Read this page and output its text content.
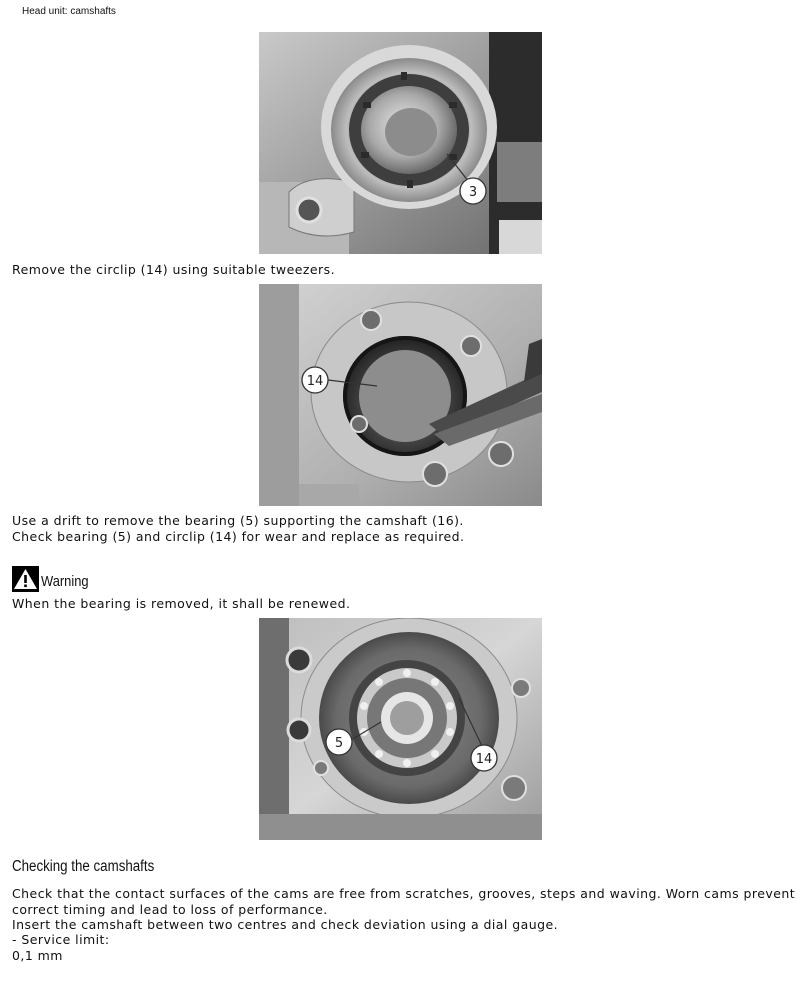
Head unit: camshafts
3
Remove the circlip (14) using suitable tweezers.
14
Use a drift to remove the bearing (5) supporting the camshaft (16).
Check bearing (5) and circlip (14) for wear and replace as required.
Warning
When the bearing is removed, it shall be renewed.
5
14
Checking the camshafts
Check that the contact surfaces of the cams are free from scratches, grooves, steps and waving. Worn cams prevent
correct timing and lead to loss of performance.
Insert the camshaft between two centres and check deviation using a dial gauge.
- Service limit:
0,1 mm
